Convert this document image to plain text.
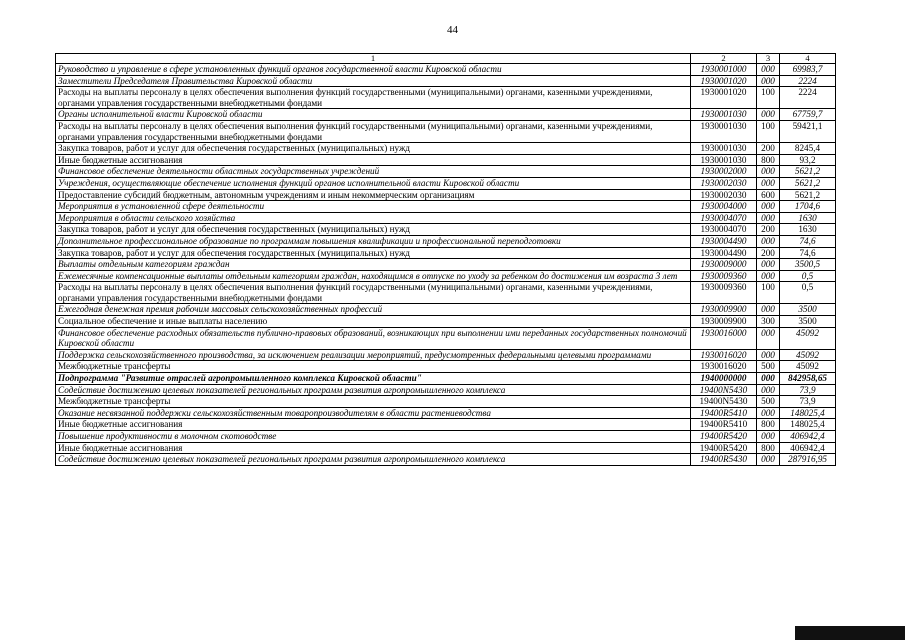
44
1	2	3	4
Руководство и управление в сфере установленных функций органов государственной власти Кировской области	1930001000	000	69983,7
Заместители Председателя Правительства Кировской области	1930001020	000	2224
Расходы на выплаты персоналу в целях обеспечения выполнения функций государственными (муниципальными) органами, казенными учреждениями, органами управления государственными внебюджетными фондами	1930001020	100	2224
Органы исполнительной власти Кировской области	1930001030	000	67759,7
Расходы на выплаты персоналу в целях обеспечения выполнения функций государственными (муниципальными) органами, казенными учреждениями, органами управления государственными внебюджетными фондами	1930001030	100	59421,1
Закупка товаров, работ и услуг для обеспечения государственных (муниципальных) нужд	1930001030	200	8245,4
Иные бюджетные ассигнования	1930001030	800	93,2
Финансовое обеспечение деятельности областных государственных учреждений	1930002000	000	5621,2
Учреждения, осуществляющие обеспечение исполнения функций органов исполнительной власти Кировской области	1930002030	000	5621,2
Предоставление субсидий бюджетным, автономным учреждениям и иным некоммерческим организациям	1930002030	600	5621,2
Мероприятия в установленной сфере деятельности	1930004000	000	1704,6
Мероприятия в области сельского хозяйства	1930004070	000	1630
Закупка товаров, работ и услуг для обеспечения государственных (муниципальных) нужд	1930004070	200	1630
Дополнительное профессиональное образование по программам повышения квалификации и профессиональной переподготовки	1930004490	000	74,6
Закупка товаров, работ и услуг для обеспечения государственных (муниципальных) нужд	1930004490	200	74,6
Выплаты отдельным категориям граждан	1930009000	000	3500,5
Ежемесячные компенсационные выплаты отдельным категориям граждан, находящимся в отпуске по уходу за ребенком до достижения им возраста 3 лет	1930009360	000	0,5
Расходы на выплаты персоналу в целях обеспечения выполнения функций государственными (муниципальными) органами, казенными учреждениями, органами управления государственными внебюджетными фондами	1930009360	100	0,5
Ежегодная денежная премия рабочим массовых сельскохозяйственных профессий	1930009900	000	3500
Социальное обеспечение и иные выплаты населению	1930009900	300	3500
Финансовое обеспечение расходных обязательств публично-правовых образований, возникающих при выполнении ими переданных государственных полномочий Кировской области	1930016000	000	45092
Поддержка сельскохозяйственного производства, за исключением реализации мероприятий, предусмотренных федеральными целевыми программами	1930016020	000	45092
Межбюджетные трансферты	1930016020	500	45092
Подпрограмма "Развитие отраслей агропромышленного комплекса Кировской области"	1940000000	000	842958,65
Содействие достижению целевых показателей региональных программ развития агропромышленного комплекса	19400N5430	000	73,9
Межбюджетные трансферты	19400N5430	500	73,9
Оказание несвязанной поддержки сельскохозяйственным товаропроизводителям в области растениеводства	19400R5410	000	148025,4
Иные бюджетные ассигнования	19400R5410	800	148025,4
Повышение продуктивности в молочном скотоводстве	19400R5420	000	406942,4
Иные бюджетные ассигнования	19400R5420	800	406942,4
Содействие достижению целевых показателей региональных программ развития агропромышленного комплекса	19400R5430	000	287916,95
